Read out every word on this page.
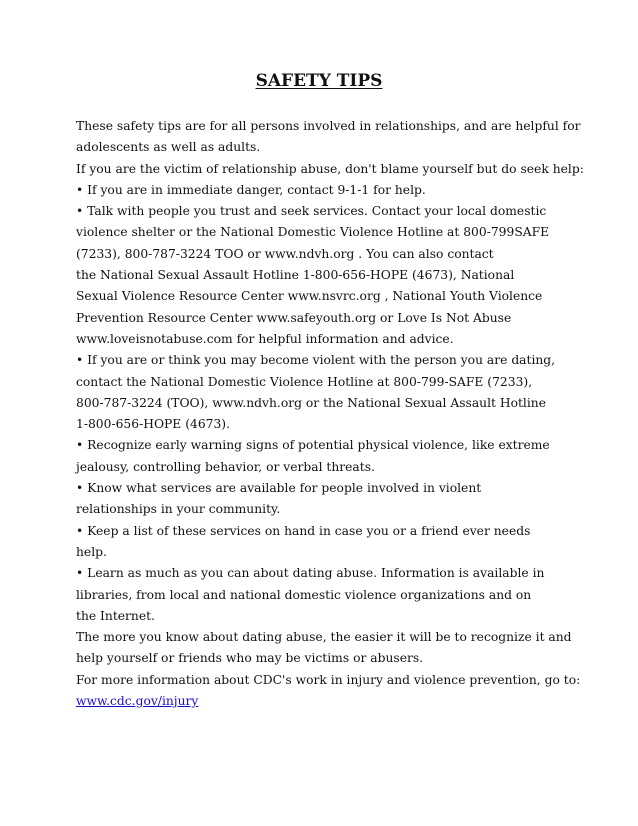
SAFETY TIPS
These safety tips are for all persons involved in relationships, and are helpful for
adolescents as well as adults.
If you are the victim of relationship abuse, don't blame yourself but do seek help:
• If you are in immediate danger, contact 9-1-1 for help.
• Talk with people you trust and seek services. Contact your local domestic
violence shelter or the National Domestic Violence Hotline at 800-799SAFE
(7233), 800-787-3224 TOO or www.ndvh.org . You can also contact
the National Sexual Assault Hotline 1-800-656-HOPE (4673), National
Sexual Violence Resource Center www.nsvrc.org , National Youth Violence
Prevention Resource Center www.safeyouth.org or Love Is Not Abuse
www.loveisnotabuse.com for helpful information and advice.
• If you are or think you may become violent with the person you are dating,
contact the National Domestic Violence Hotline at 800-799-SAFE (7233),
800-787-3224 (TOO), www.ndvh.org or the National Sexual Assault Hotline
1-800-656-HOPE (4673).
• Recognize early warning signs of potential physical violence, like extreme
jealousy, controlling behavior, or verbal threats.
• Know what services are available for people involved in violent
relationships in your community.
• Keep a list of these services on hand in case you or a friend ever needs
help.
• Learn as much as you can about dating abuse. Information is available in
libraries, from local and national domestic violence organizations and on
the Internet.
The more you know about dating abuse, the easier it will be to recognize it and
help yourself or friends who may be victims or abusers.
For more information about CDC's work in injury and violence prevention, go to:
www.cdc.gov/injury
